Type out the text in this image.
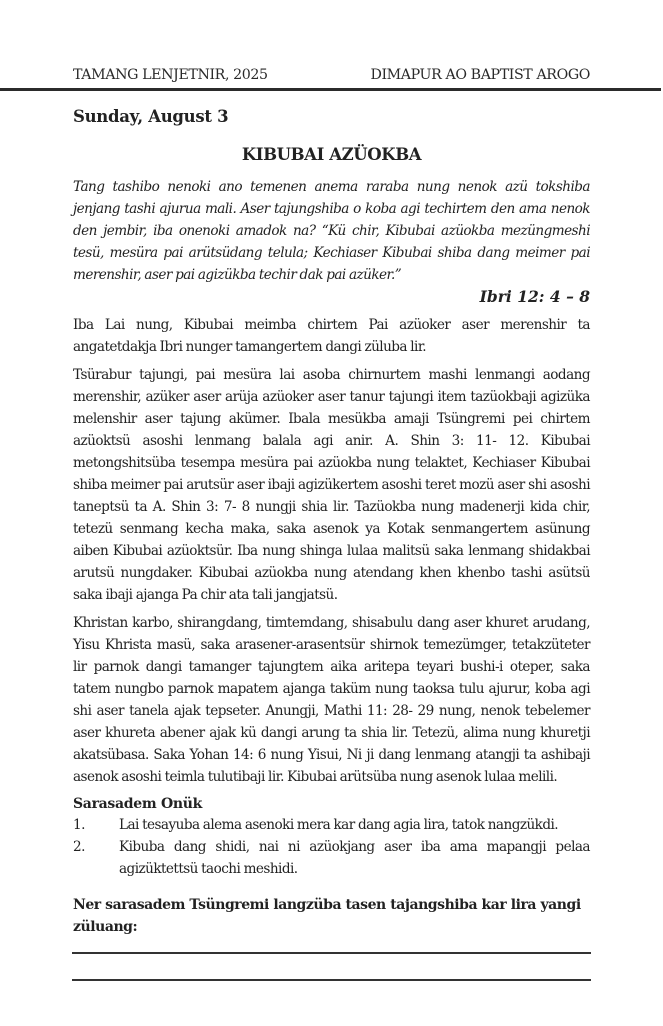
TAMANG LENJETNIR, 2025	DIMAPUR AO BAPTIST AROGO
Sunday, August 3
KIBUBAI AZÜOKBA
Tang tashibo nenoki ano temenen anema raraba nung nenok azü tokshiba jenjang tashi ajurua mali. Aser tajungshiba o koba agi techirtem den ama nenok den jembir, iba onenoki amadok na? “Kü chir, Kibubai azüokba mezüngmeshi tesü, mesüra pai arütsüdang telula; Kechiaser Kibubai shiba dang meimer pai merenshir, aser pai agizükba techir dak pai azüker.”
Ibri 12: 4 – 8
Iba Lai nung, Kibubai meimba chirtem Pai azüoker aser merenshir ta angatetdakja Ibri nunger tamangertem dangi züluba lir.
Tsürabur tajungi, pai mesüra lai asoba chirnurtem mashi lenmangi aodang merenshir, azüker aser arüja azüoker aser tanur tajungi item tazüokbaji agizüka melenshir aser tajung akümer. Ibala mesükba amaji Tsüngremi pei chirtem azüoktsü asoshi lenmang balala agi anir. A. Shin 3: 11- 12. Kibubai metongshitsüba tesempa mesüra pai azüokba nung telaktet, Kechiaser Kibubai shiba meimer pai arutsür aser ibaji agizükertem asoshi teret mozü aser shi asoshi taneptsü ta A. Shin 3: 7- 8 nungji shia lir. Tazüokba nung madenerji kida chir, tetezü senmang kecha maka, saka asenok ya Kotak senmangertem asünung aiben Kibubai azüoktsür. Iba nung shinga lulaa malitsü saka lenmang shidakbai arutsü nungdaker. Kibubai azüokba nung atendang khen khenbo tashi asütsü saka ibaji ajanga Pa chir ata tali jangjatsü.
Khristan karbo, shirangdang, timtemdang, shisabulu dang aser khuret arudang, Yisu Khrista masü, saka arasener-arasentsür shirnok temezümger, tetakzüteter lir parnok dangi tamanger tajungtem aika aritepa teyari bushi-i oteper, saka tatem nungbo parnok mapatem ajanga taküm nung taoksa tulu ajurur, koba agi shi aser tanela ajak tepseter. Anungji, Mathi 11: 28- 29 nung, nenok tebelemer aser khureta abener ajak kü dangi arung ta shia lir. Tetezü, alima nung khuretji akatsübasa. Saka Yohan 14: 6 nung Yisui, Ni ji dang lenmang atangji ta ashibaji asenok asoshi teimla tulutibaji lir. Kibubai arütsüba nung asenok lulaa melili.
Sarasadem Onük
1.	Lai tesayuba alema asenoki mera kar dang agia lira, tatok nangzükdi.
2.	Kibuba dang shidi, nai ni azüokjang aser iba ama mapangji pelaa agizüktettsü taochi meshidi.
Ner sarasadem Tsüngremi langzüba tasen tajangshiba kar lira yangi züluang:
